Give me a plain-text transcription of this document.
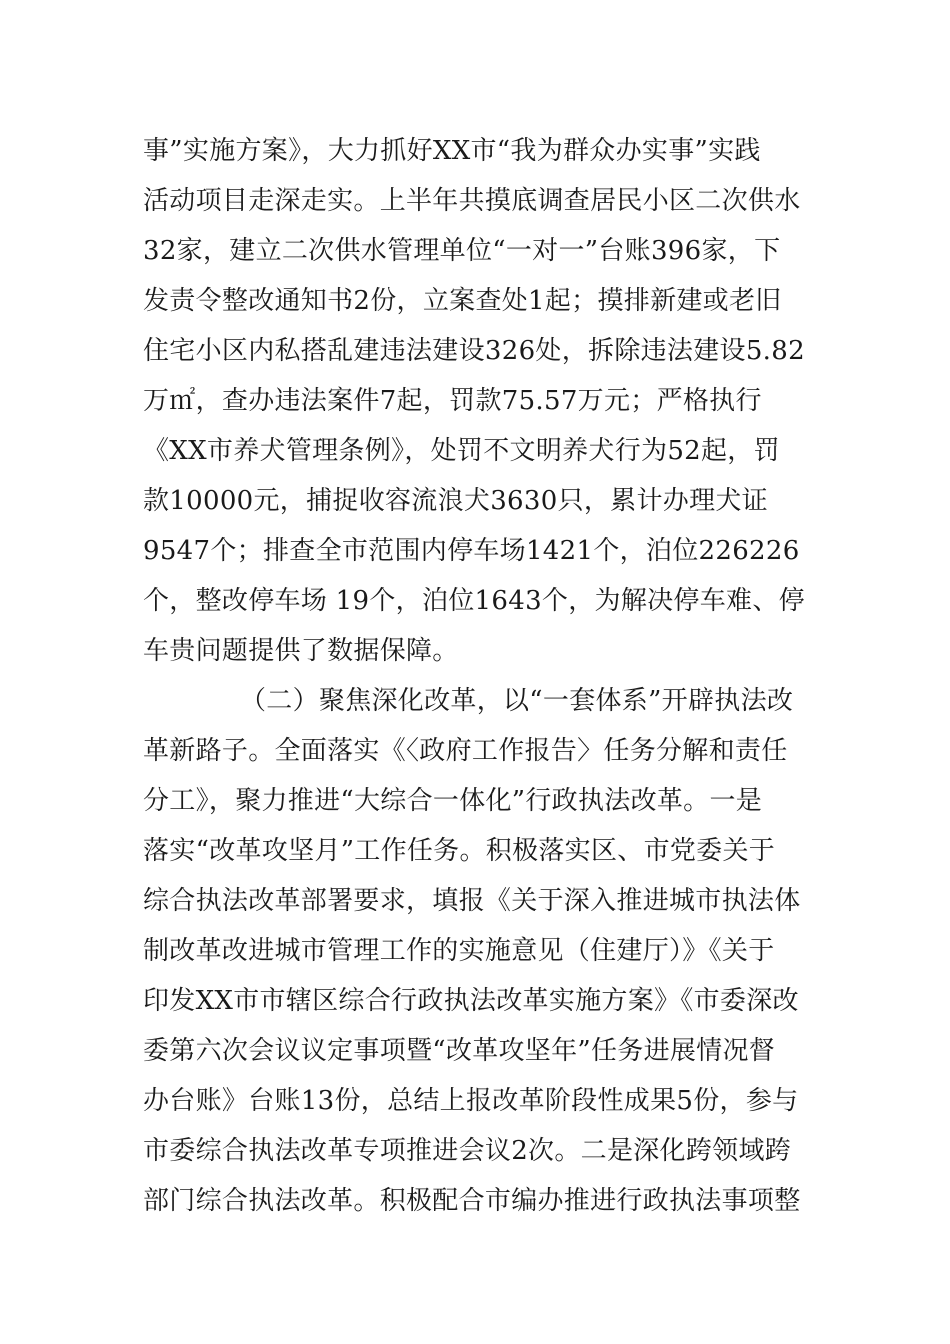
事”实施方案》，大力抓好XX市“我为群众办实事”实践
活动项目走深走实。上半年共摸底调查居民小区二次供水
32家，建立二次供水管理单位“一对一”台账396家，下
发责令整改通知书2份，立案查处1起；摸排新建或老旧
住宅小区内私搭乱建违法建设326处，拆除违法建设5.82
万㎡，查办违法案件7起，罚款75.57万元；严格执行
《XX市养犬管理条例》，处罚不文明养犬行为52起，罚
款10000元，捕捉收容流浪犬3630只，累计办理犬证
9547个；排查全市范围内停车场1421个，泊位226226
个，整改停车场 19个，泊位1643个，为解决停车难、停
车贵问题提供了数据保障。
（二）聚焦深化改革，以“一套体系”开辟执法改
革新路子。全面落实《〈政府工作报告〉任务分解和责任
分工》，聚力推进“大综合一体化”行政执法改革。一是
落实“改革攻坚月”工作任务。积极落实区、市党委关于
综合执法改革部署要求，填报《关于深入推进城市执法体
制改革改进城市管理工作的实施意见（住建厅）》《关于
印发XX市市辖区综合行政执法改革实施方案》《市委深改
委第六次会议议定事项暨“改革攻坚年”任务进展情况督
办台账》台账13份，总结上报改革阶段性成果5份，参与
市委综合执法改革专项推进会议2次。二是深化跨领域跨
部门综合执法改革。积极配合市编办推进行政执法事项整
